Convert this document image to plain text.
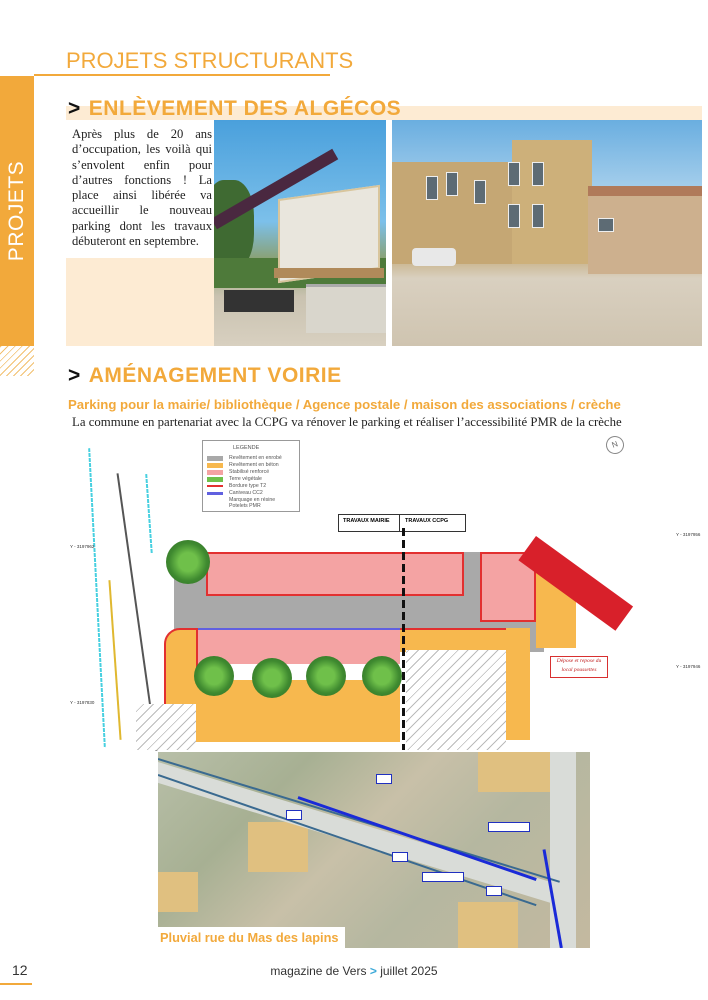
PROJETS STRUCTURANTS
PROJETS STRUCTURANTS
> ENLÈVEMENT DES ALGÉCOS
Après plus de 20 ans d’occupation, les voilà qui s’envolent enfin pour d’autres fonctions ! La place ainsi libérée va accueillir le nouveau parking dont les travaux débuteront en septembre.
> AMÉNAGEMENT VOIRIE
Parking pour la mairie/ bibliothèque / Agence postale / maison des associations / crèche
La commune en partenariat avec la CCPG va rénover le parking et réaliser l’accessibilité PMR de la crèche
Y - 3197962
Y - 3197830
Y - 3197956
Y - 3197946
LEGENDE
Revêtement en enrobé
Revêtement en béton
Stabilisé renforcé
Terre végétale
Bordure type T2
Caniveau CC2
Marquage en résine
Potelets PMR
N
TRAVAUX MAIRIE	TRAVAUX CCPG
Dépose et repose du local poussettes
Pluvial rue du Mas des lapins
12	magazine de Vers > juillet 2025
